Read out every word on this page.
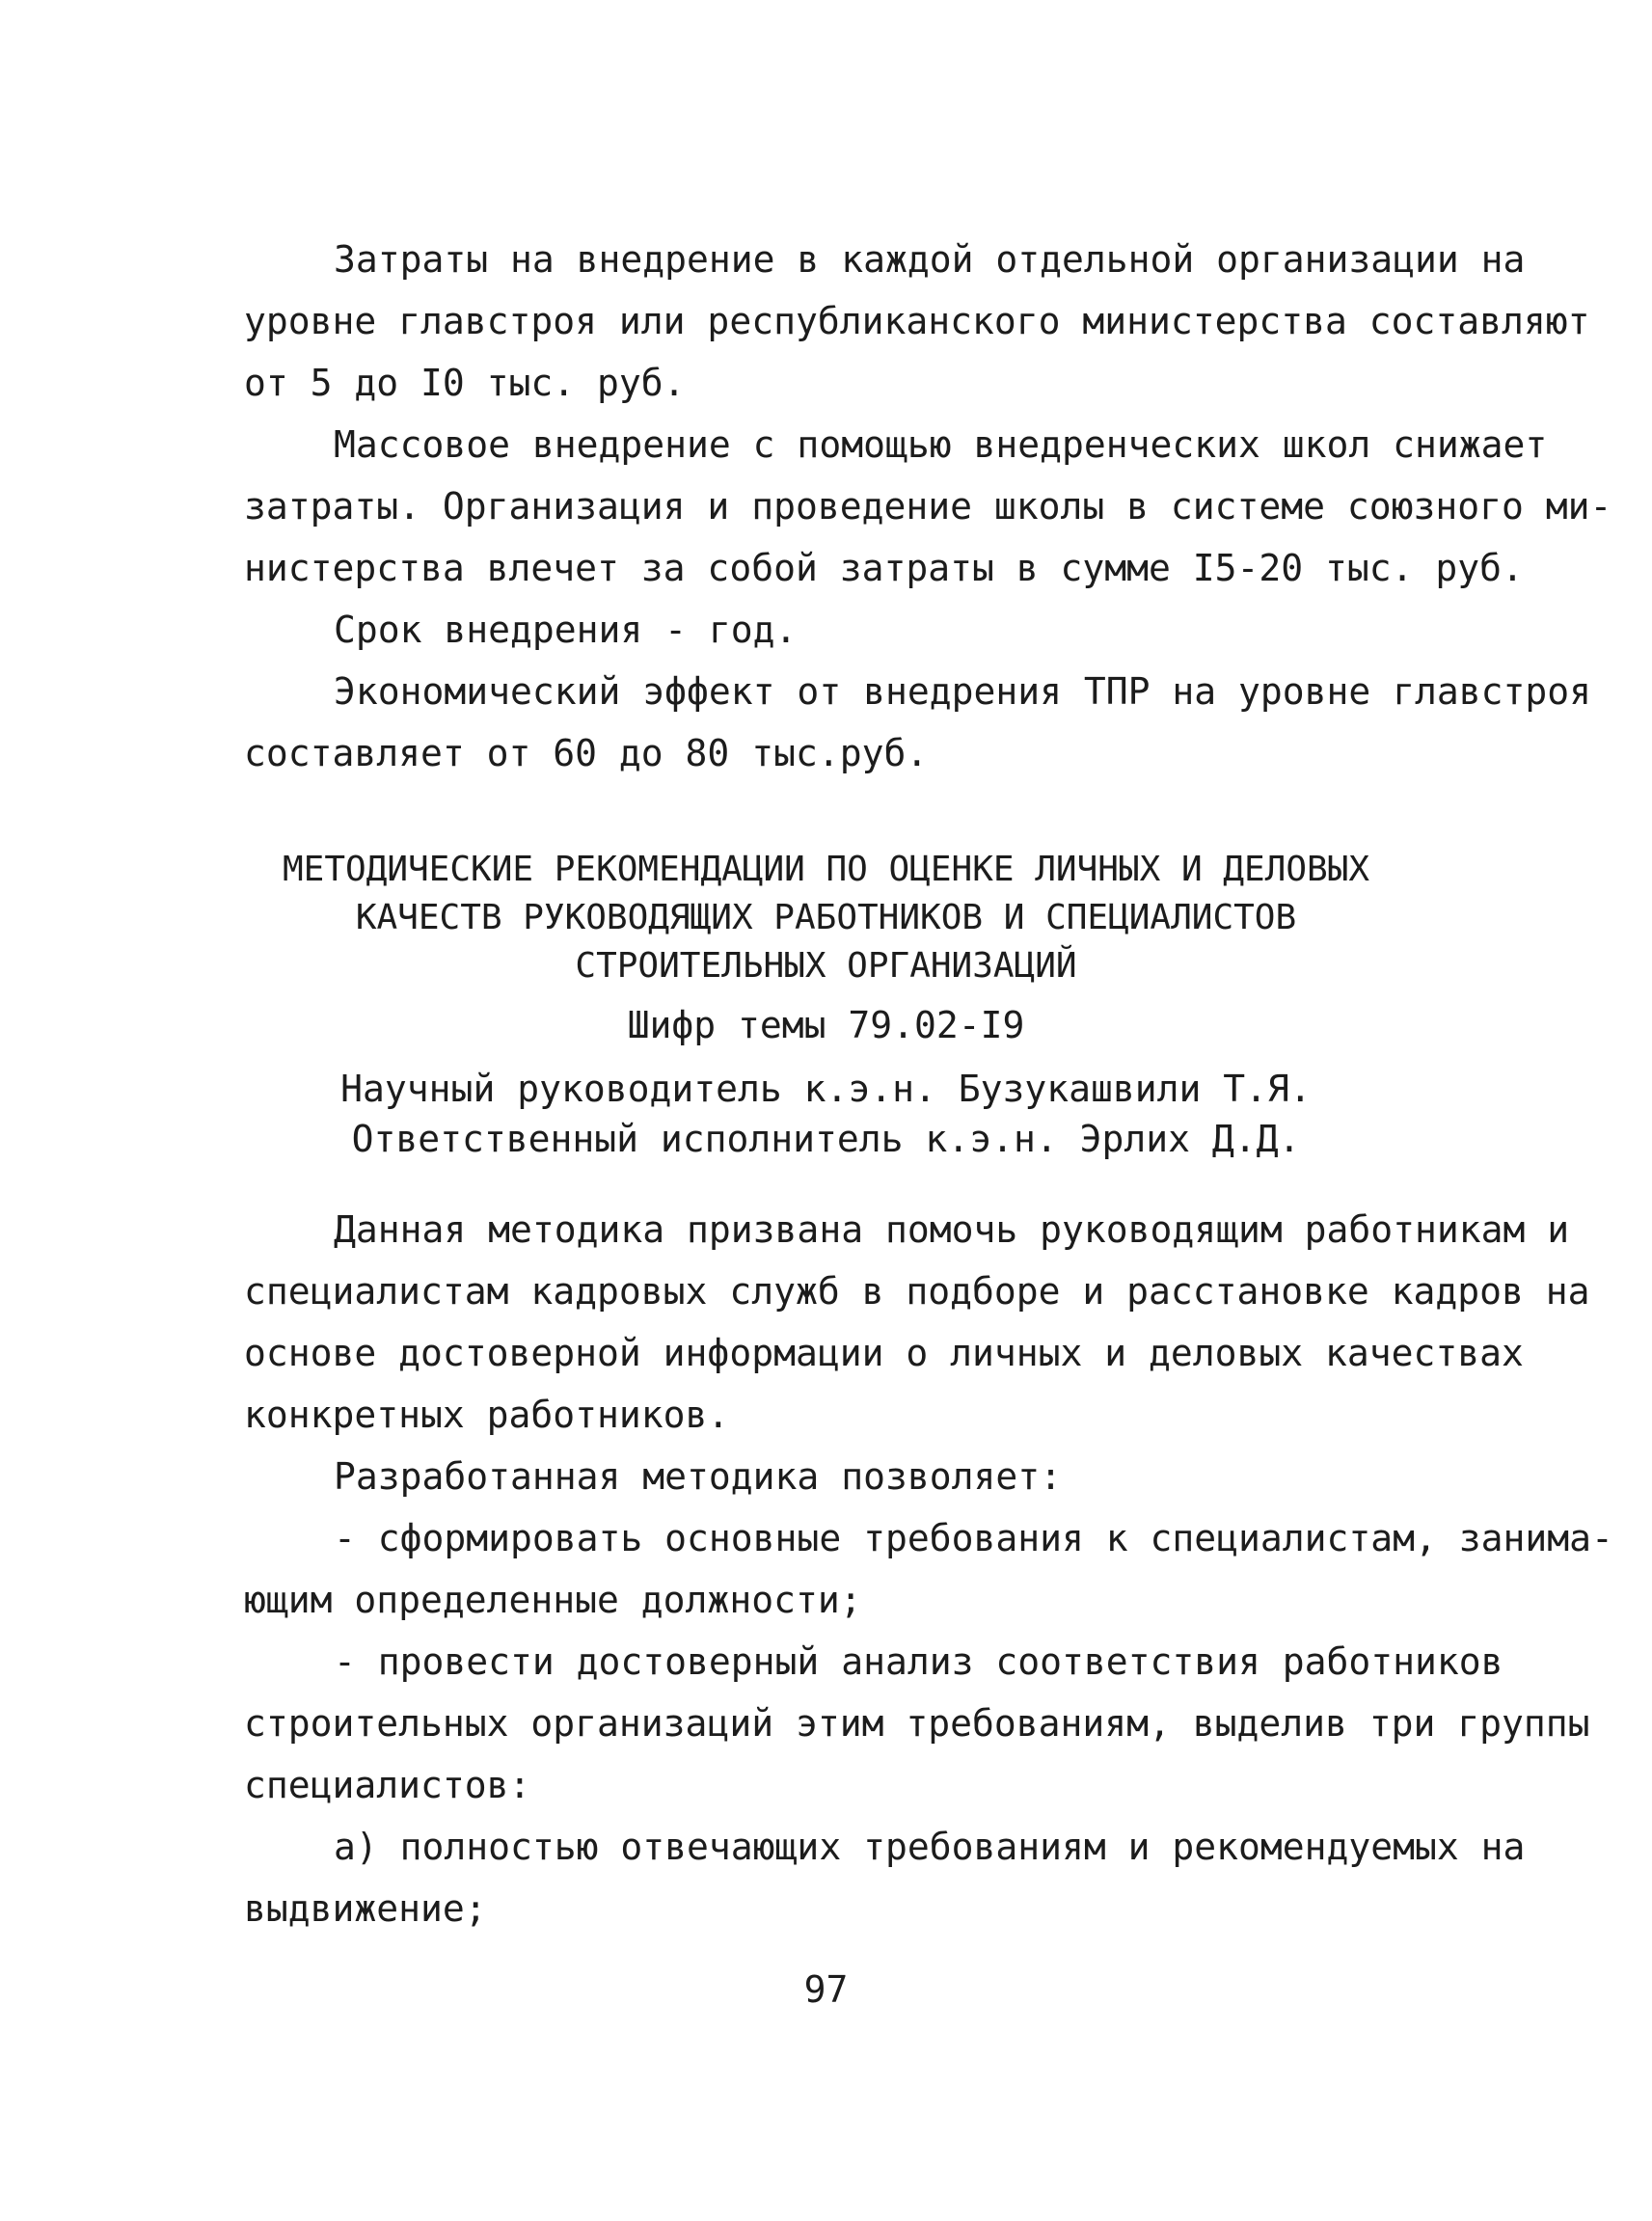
Затраты на внедрение в каждой отдельной организации на
уровне главстроя или республиканского министерства составляют
от 5 до I0 тыс. руб.
Массовое внедрение с помощью внедренческих школ снижает
затраты. Организация и проведение школы в системе союзного ми-
нистерства влечет за собой затраты в сумме I5-20 тыс. руб.
Срок внедрения - год.
Экономический эффект от внедрения ТПР на уровне главстроя
составляет от 60 до 80 тыс.руб.
МЕТОДИЧЕСКИЕ РЕКОМЕНДАЦИИ ПО ОЦЕНКЕ ЛИЧНЫХ И ДЕЛОВЫХ
КАЧЕСТВ РУКОВОДЯЩИХ РАБОТНИКОВ И СПЕЦИАЛИСТОВ
СТРОИТЕЛЬНЫХ ОРГАНИЗАЦИЙ
Шифр темы 79.02-I9
Научный руководитель к.э.н. Бузукашвили Т.Я.
Ответственный исполнитель к.э.н. Эрлих Д.Д.
Данная методика призвана помочь руководящим работникам и
специалистам кадровых служб в подборе и расстановке кадров на
основе достоверной информации о личных и деловых качествах
конкретных работников.
Разработанная методика позволяет:
- сформировать основные требования к специалистам, занима-
ющим определенные должности;
- провести достоверный анализ соответствия работников
строительных организаций этим требованиям, выделив три группы
специалистов:
а) полностью отвечающих требованиям и рекомендуемых на
выдвижение;
97
